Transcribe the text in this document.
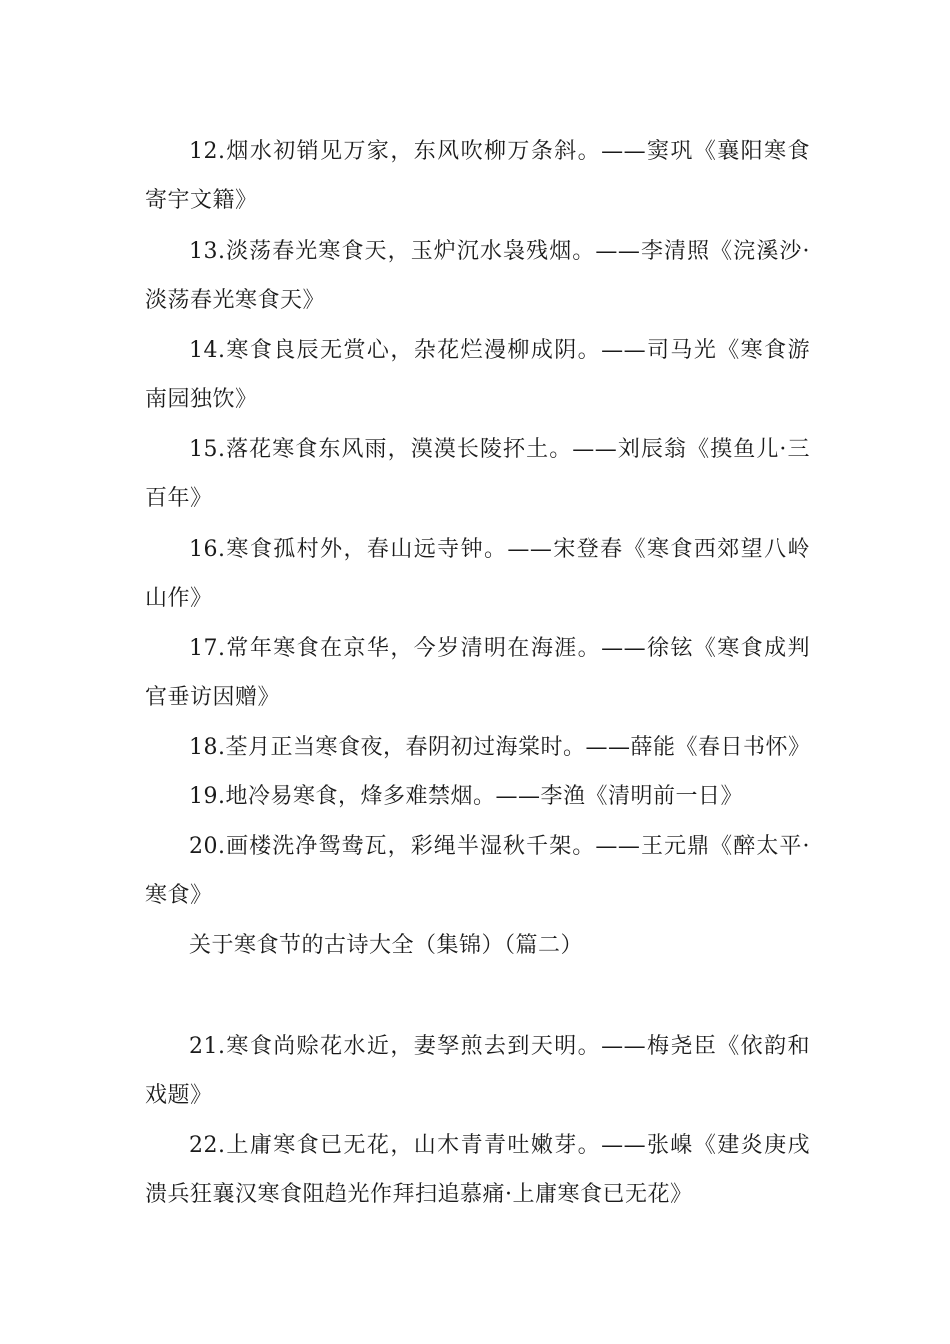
12.烟水初销见万家，东风吹柳万条斜。——窦巩《襄阳寒食寄宇文籍》

13.淡荡春光寒食天，玉炉沉水袅残烟。——李清照《浣溪沙·淡荡春光寒食天》

14.寒食良辰无赏心，杂花烂漫柳成阴。——司马光《寒食游南园独饮》

15.落花寒食东风雨，漠漠长陵抔土。——刘辰翁《摸鱼儿·三百年》

16.寒食孤村外，春山远寺钟。——宋登春《寒食西郊望八岭山作》

17.常年寒食在京华，今岁清明在海涯。——徐铉《寒食成判官垂访因赠》

18.荃月正当寒食夜，春阴初过海棠时。——薛能《春日书怀》

19.地冷易寒食，烽多难禁烟。——李渔《清明前一日》

20.画楼洗净鸳鸯瓦，彩绳半湿秋千架。——王元鼎《醉太平·寒食》

关于寒食节的古诗大全（集锦）（篇二）

21.寒食尚赊花水近，妻孥煎去到天明。——梅尧臣《依韵和戏题》

22.上庸寒食已无花，山木青青吐嫩芽。——张嵲《建炎庚戌溃兵狂襄汉寒食阻趋光作拜扫追慕痛·上庸寒食已无花》
